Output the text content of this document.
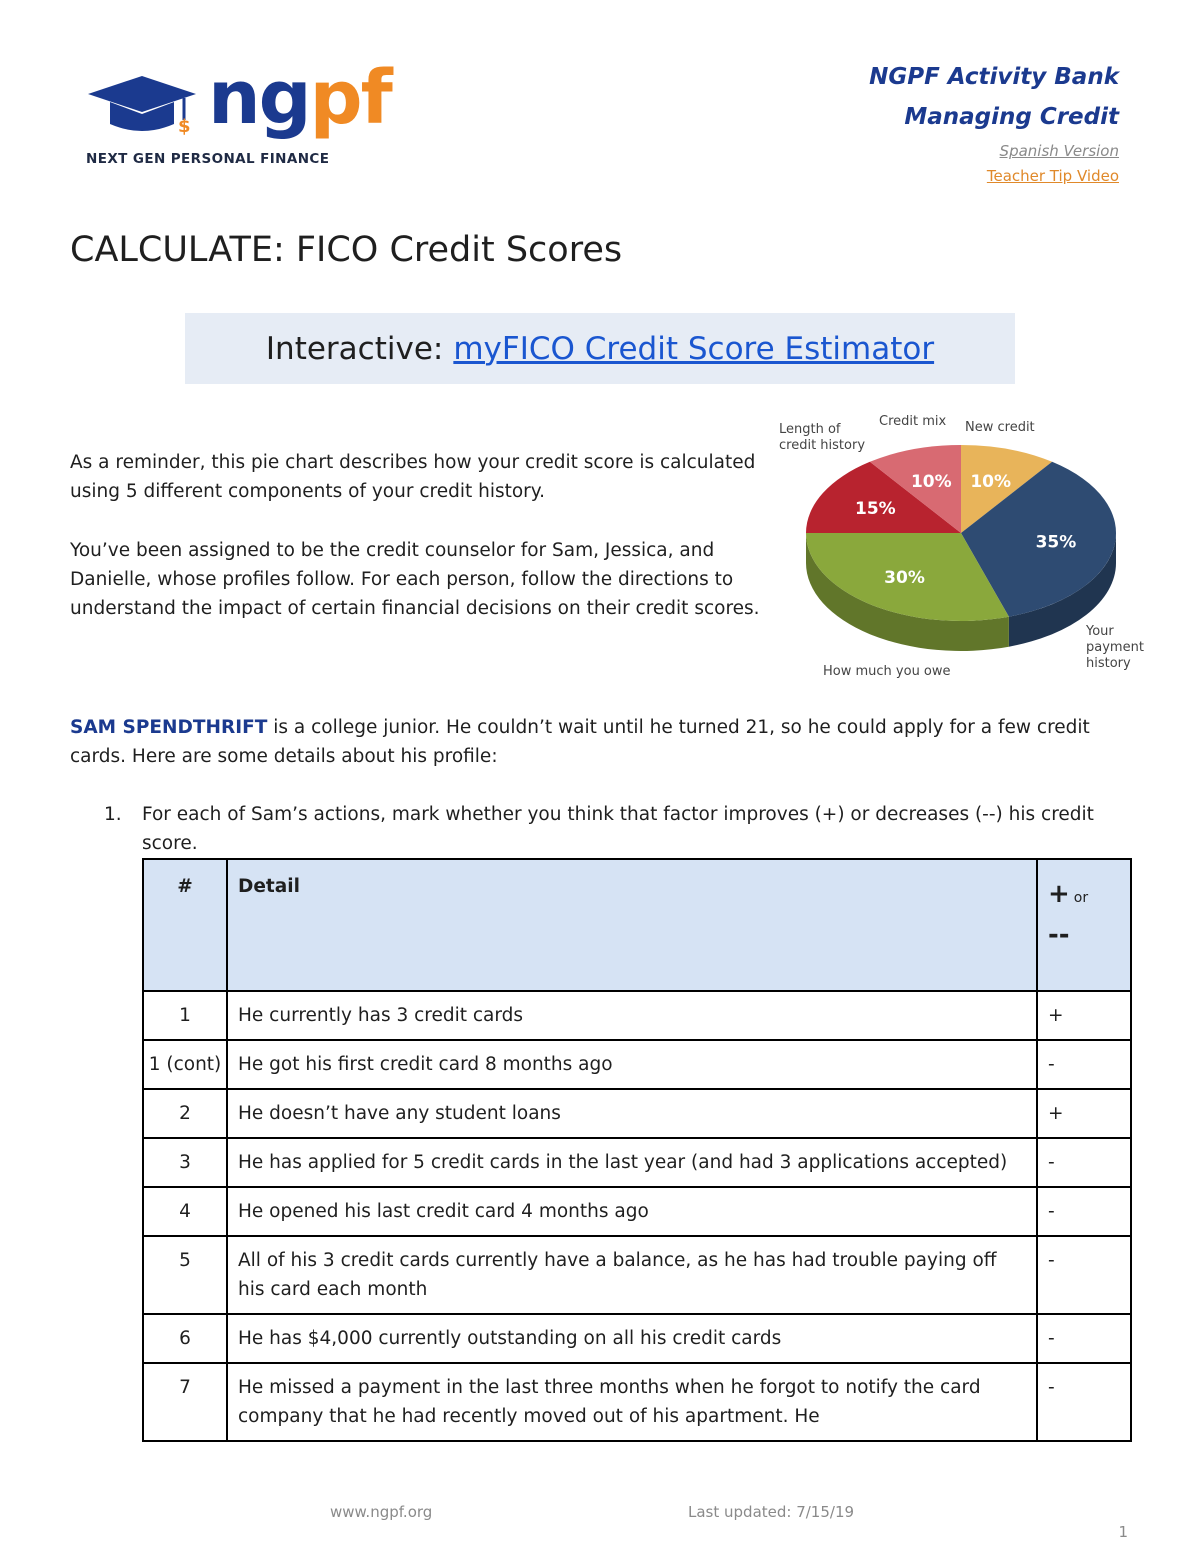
$ ngpf
NEXT GEN PERSONAL FINANCE
NGPF Activity Bank
Managing Credit
Spanish Version
Teacher Tip Video
CALCULATE: FICO Credit Scores
Interactive: myFICO Credit Score Estimator
As a reminder, this pie chart describes how your credit score is calculated using 5 different components of your credit history.
You’ve been assigned to be the credit counselor for Sam, Jessica, and Danielle, whose profiles follow. For each person, follow the directions to understand the impact of certain financial decisions on their credit scores.
10%
35%
30%
15%
10%
New credit
Your payment history
How much you owe
Length of credit history
Credit mix
SAM SPENDTHRIFT is a college junior. He couldn’t wait until he turned 21, so he could apply for a few credit cards. Here are some details about his profile:
1. For each of Sam’s actions, mark whether you think that factor improves (+) or decreases (--) his credit score.
#	Detail	+ or
--

1	He currently has 3 credit cards	+
1 (cont)	He got his first credit card 8 months ago	-
2	He doesn’t have any student loans	+
3	He has applied for 5 credit cards in the last year (and had 3 applications accepted)	-
4	He opened his last credit card 4 months ago	-
5	All of his 3 credit cards currently have a balance, as he has had trouble paying off his card each month	-
6	He has $4,000 currently outstanding on all his credit cards	-
7	He missed a payment in the last three months when he forgot to notify the card company that he had recently moved out of his apartment. He	-
www.ngpf.org	Last updated: 7/15/19
1
